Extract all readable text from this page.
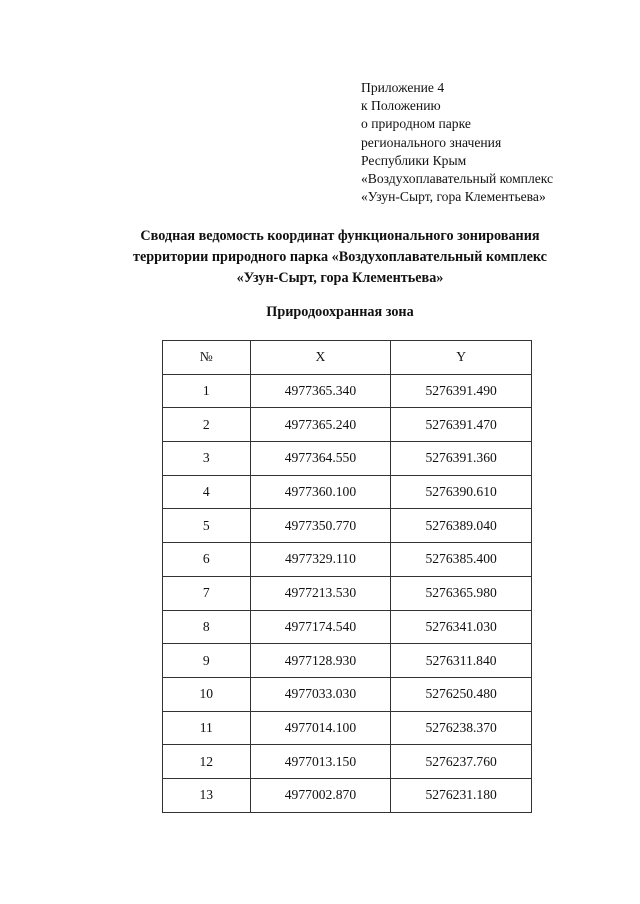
Приложение 4
к Положению
о природном парке
регионального значения
Республики Крым
«Воздухоплавательный комплекс
«Узун-Сырт, гора Клементьева»
Сводная ведомость координат функционального зонирования
территории природного парка «Воздухоплавательный комплекс
«Узун-Сырт, гора Клементьева»
Природоохранная зона
№	X	Y
1	4977365.340	5276391.490
2	4977365.240	5276391.470
3	4977364.550	5276391.360
4	4977360.100	5276390.610
5	4977350.770	5276389.040
6	4977329.110	5276385.400
7	4977213.530	5276365.980
8	4977174.540	5276341.030
9	4977128.930	5276311.840
10	4977033.030	5276250.480
11	4977014.100	5276238.370
12	4977013.150	5276237.760
13	4977002.870	5276231.180
